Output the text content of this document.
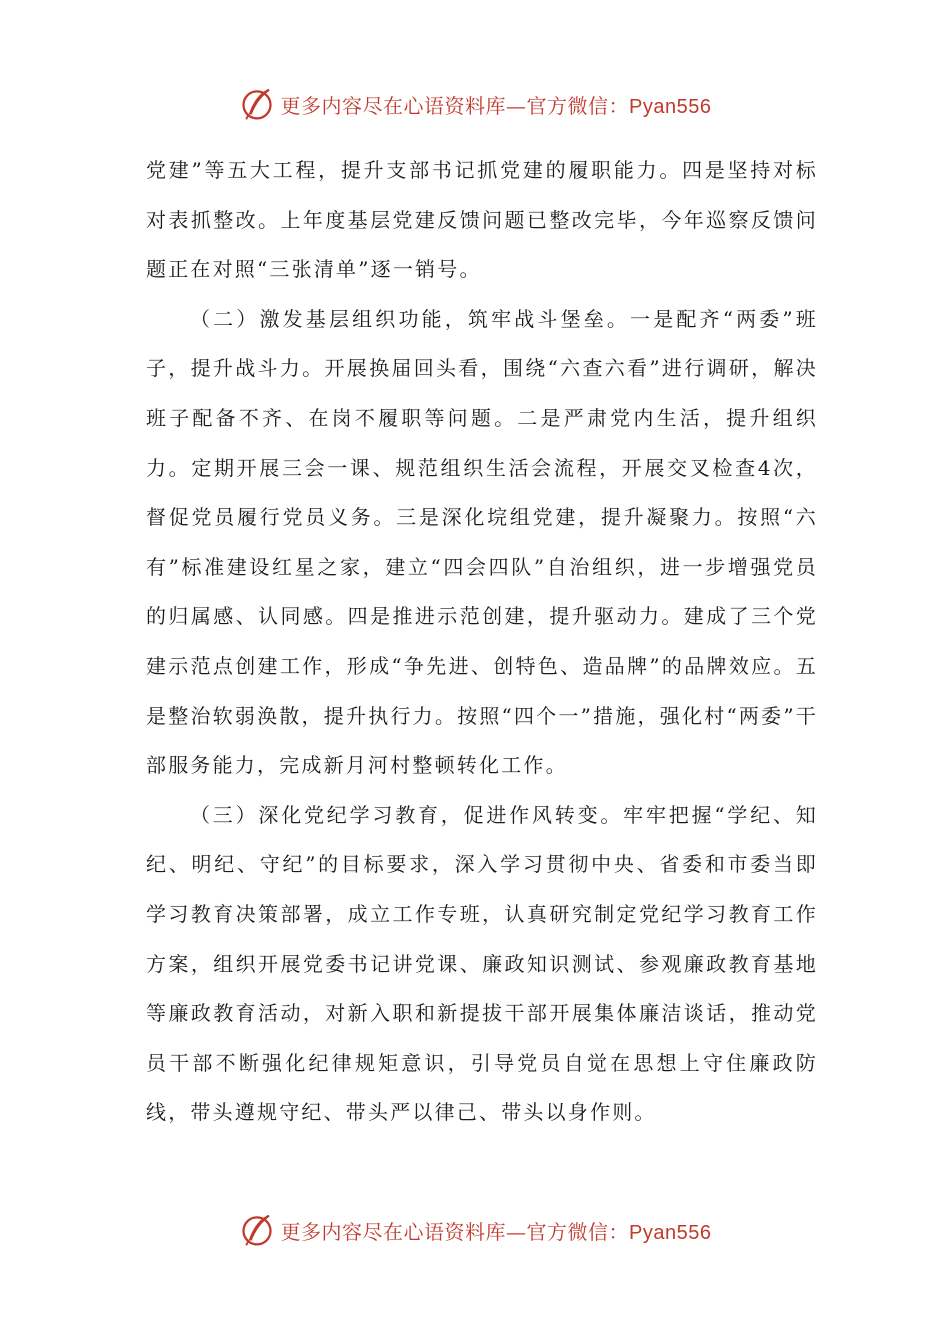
更多内容尽在心语资料库—官方微信：Pyan556

党建”等五大工程，提升支部书记抓党建的履职能力。四是坚持对标对表抓整改。上年度基层党建反馈问题已整改完毕，今年巡察反馈问题正在对照“三张清单”逐一销号。

（二）激发基层组织功能，筑牢战斗堡垒。一是配齐“两委”班子，提升战斗力。开展换届回头看，围绕“六查六看”进行调研，解决班子配备不齐、在岗不履职等问题。二是严肃党内生活，提升组织力。定期开展三会一课、规范组织生活会流程，开展交叉检查4次，督促党员履行党员义务。三是深化垸组党建，提升凝聚力。按照“六有”标准建设红星之家，建立“四会四队”自治组织，进一步增强党员的归属感、认同感。四是推进示范创建，提升驱动力。建成了三个党建示范点创建工作，形成“争先进、创特色、造品牌”的品牌效应。五是整治软弱涣散，提升执行力。按照“四个一”措施，强化村“两委”干部服务能力，完成新月河村整顿转化工作。

（三）深化党纪学习教育，促进作风转变。牢牢把握“学纪、知纪、明纪、守纪”的目标要求，深入学习贯彻中央、省委和市委当即学习教育决策部署，成立工作专班，认真研究制定党纪学习教育工作方案，组织开展党委书记讲党课、廉政知识测试、参观廉政教育基地等廉政教育活动，对新入职和新提拔干部开展集体廉洁谈话，推动党员干部不断强化纪律规矩意识，引导党员自觉在思想上守住廉政防线，带头遵规守纪、带头严以律己、带头以身作则。

更多内容尽在心语资料库—官方微信：Pyan556
